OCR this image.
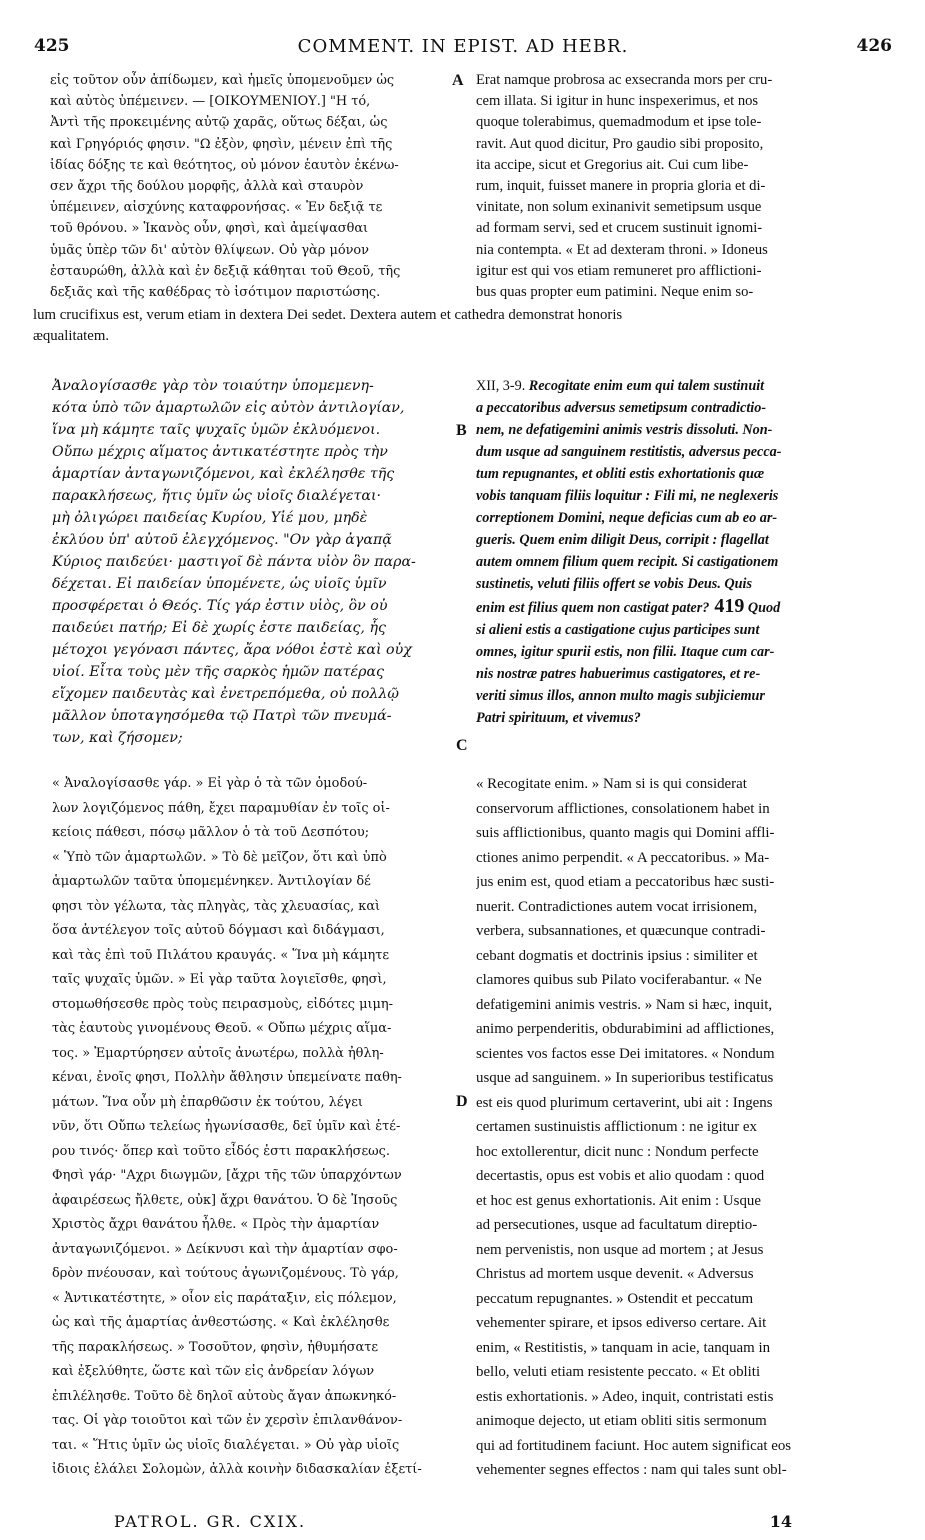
425	COMMENT. IN EPIST. AD HEBR.	426

εἰς τοῦτον οὖν ἀπίδωμεν, καὶ ἡμεῖς ὑπομενοῦμεν ὡς

καὶ αὐτὸς ὑπέμεινεν. — [ΟΙΚΟΥΜΕΝΙΟΥ.] "Η τό,

Ἀντὶ τῆς προκειμένης αὐτῷ χαρᾶς, οὕτως δέξαι, ὡς

καὶ Γρηγόριός φησιν. "Ω ἐξὸν, φησὶν, μένειν ἐπὶ τῆς

ἰδίας δόξης τε καὶ θεότητος, οὐ μόνον ἑαυτὸν ἐκένω-

σεν ἄχρι τῆς δούλου μορφῆς, ἀλλὰ καὶ σταυρὸν

ὑπέμεινεν, αἰσχύνης καταφρονήσας. « Ἐν δεξιᾷ τε

τοῦ θρόνου. » Ἱκανὸς οὖν, φησὶ, καὶ ἀμείψασθαι

ὑμᾶς ὑπὲρ τῶν δι' αὐτὸν θλίψεων. Οὐ γὰρ μόνον

ἐσταυρώθη, ἀλλὰ καὶ ἐν δεξιᾷ κάθηται τοῦ Θεοῦ, τῆς

δεξιᾶς καὶ τῆς καθέδρας τὸ ἰσότιμον παριστώσης.

Erat namque probrosa ac exsecranda mors per cru-

cem illata. Si igitur in hunc inspexerimus, et nos

quoque tolerabimus, quemadmodum et ipse tole-

ravit. Aut quod dicitur, Pro gaudio sibi proposito,

ita accipe, sicut et Gregorius ait. Cui cum libe-

rum, inquit, fuisset manere in propria gloria et di-

vinitate, non solum exinanivit semetipsum usque

ad formam servi, sed et crucem sustinuit ignomi-

nia contempta. « Et ad dexteram throni. » Idoneus

igitur est qui vos etiam remuneret pro afflictioni-

bus quas propter eum patimini. Neque enim so-

lum crucifixus est, verum etiam in dextera Dei sedet. Dextera autem et cathedra demonstrat honoris

æqualitatem.

A
B
C
D

Ἀναλογίσασθε γὰρ τὸν τοιαύτην ὑπομεμενη-

κότα ὑπὸ τῶν ἁμαρτωλῶν εἰς αὐτὸν ἀντιλογίαν,

ἵνα μὴ κάμητε ταῖς ψυχαῖς ὑμῶν ἐκλυόμενοι.

Οὔπω μέχρις αἵματος ἀντικατέστητε πρὸς τὴν

ἁμαρτίαν ἀνταγωνιζόμενοι, καὶ ἐκλέλησθε τῆς

παρακλήσεως, ἥτις ὑμῖν ὡς υἱοῖς διαλέγεται·

μὴ ὀλιγώρει παιδείας Κυρίου, Υἱέ μου, μηδὲ

ἐκλύου ὑπ' αὐτοῦ ἐλεγχόμενος. "Ον γὰρ ἀγαπᾷ

Κύριος παιδεύει· μαστιγοῖ δὲ πάντα υἱὸν ὃν παρα-

δέχεται. Εἰ παιδείαν ὑπομένετε, ὡς υἱοῖς ὑμῖν

προσφέρεται ὁ Θεός. Τίς γάρ ἐστιν υἱὸς, ὃν οὐ

παιδεύει πατήρ; Εἰ δὲ χωρίς ἐστε παιδείας, ἧς

μέτοχοι γεγόνασι πάντες, ἄρα νόθοι ἐστὲ καὶ οὐχ

υἱοί. Εἶτα τοὺς μὲν τῆς σαρκὸς ἡμῶν πατέρας

εἴχομεν παιδευτὰς καὶ ἐνετρεπόμεθα, οὐ πολλῷ

μᾶλλον ὑποταγησόμεθα τῷ Πατρὶ τῶν πνευμά-

των, καὶ ζήσομεν;

XII, 3-9. Recogitate enim eum qui talem sustinuit

a peccatoribus adversus semetipsum contradictio-

nem, ne defatigemini animis vestris dissoluti. Non-

dum usque ad sanguinem restitistis, adversus pecca-

tum repugnantes, et obliti estis exhortationis quæ

vobis tanquam filiis loquitur : Fili mi, ne neglexeris

correptionem Domini, neque deficias cum ab eo ar-

gueris. Quem enim diligit Deus, corripit : flagellat

autem omnem filium quem recipit. Si castigationem

sustinetis, veluti filiis offert se vobis Deus. Quis

enim est filius quem non castigat pater? 419 Quod

si alieni estis a castigatione cujus participes sunt

omnes, igitur spurii estis, non filii. Itaque cum car-

nis nostræ patres habuerimus castigatores, et re-

veriti simus illos, annon multo magis subjiciemur

Patri spirituum, et vivemus?

« Ἀναλογίσασθε γάρ. » Εἰ γὰρ ὁ τὰ τῶν ὁμοδού-

λων λογιζόμενος πάθη, ἔχει παραμυθίαν ἐν τοῖς οἰ-

κείοις πάθεσι, πόσῳ μᾶλλον ὁ τὰ τοῦ Δεσπότου;

« Ὑπὸ τῶν ἁμαρτωλῶν. » Τὸ δὲ μεῖζον, ὅτι καὶ ὑπὸ

ἁμαρτωλῶν ταῦτα ὑπομεμένηκεν. Ἀντιλογίαν δέ

φησι τὸν γέλωτα, τὰς πληγὰς, τὰς χλευασίας, καὶ

ὅσα ἀντέλεγον τοῖς αὐτοῦ δόγμασι καὶ διδάγμασι,

καὶ τὰς ἐπὶ τοῦ Πιλάτου κραυγάς. « Ἵνα μὴ κάμητε

ταῖς ψυχαῖς ὑμῶν. » Εἰ γὰρ ταῦτα λογιεῖσθε, φησὶ,

στομωθήσεσθε πρὸς τοὺς πειρασμοὺς, εἰδότες μιμη-

τὰς ἑαυτοὺς γινομένους Θεοῦ. « Οὔπω μέχρις αἵμα-

τος. » Ἐμαρτύρησεν αὐτοῖς ἀνωτέρω, πολλὰ ἠθλη-

κέναι, ἐνοῖς φησι, Πολλὴν ἄθλησιν ὑπεμείνατε παθη-

μάτων. Ἵνα οὖν μὴ ἐπαρθῶσιν ἐκ τούτου, λέγει

νῦν, ὅτι Οὔπω τελείως ἠγωνίσασθε, δεῖ ὑμῖν καὶ ἑτέ-

ρου τινός· ὅπερ καὶ τοῦτο εἶδός ἐστι παρακλήσεως.

Φησὶ γάρ· "Αχρι διωγμῶν, [ἄχρι τῆς τῶν ὑπαρχόντων

ἀφαιρέσεως ἤλθετε, οὐκ] ἄχρι θανάτου. Ὁ δὲ Ἰησοῦς

Χριστὸς ἄχρι θανάτου ἦλθε. « Πρὸς τὴν ἁμαρτίαν

ἀνταγωνιζόμενοι. » Δείκνυσι καὶ τὴν ἁμαρτίαν σφο-

δρὸν πνέουσαν, καὶ τούτους ἀγωνιζομένους. Τὸ γάρ,

« Ἀντικατέστητε, » οἷον εἰς παράταξιν, εἰς πόλεμον,

ὡς καὶ τῆς ἁμαρτίας ἀνθεστώσης. « Καὶ ἐκλέλησθε

τῆς παρακλήσεως. » Τοσοῦτον, φησὶν, ἠθυμήσατε

καὶ ἐξελύθητε, ὥστε καὶ τῶν εἰς ἀνδρείαν λόγων

ἐπιλέλησθε. Τοῦτο δὲ δηλοῖ αὐτοὺς ἄγαν ἀπωκνηκό-

τας. Οἱ γὰρ τοιοῦτοι καὶ τῶν ἐν χερσὶν ἐπιλανθάνον-

ται. « Ἥτις ὑμῖν ὡς υἱοῖς διαλέγεται. » Οὐ γὰρ υἱοῖς

ἰδιοις ἐλάλει Σολομὼν, ἀλλὰ κοινὴν διδασκαλίαν ἐξετί-

« Recogitate enim. » Nam si is qui considerat

conservorum afflictiones, consolationem habet in

suis afflictionibus, quanto magis qui Domini affli-

ctiones animo perpendit. « A peccatoribus. » Ma-

jus enim est, quod etiam a peccatoribus hæc susti-

nuerit. Contradictiones autem vocat irrisionem,

verbera, subsannationes, et quæcunque contradi-

cebant dogmatis et doctrinis ipsius : similiter et

clamores quibus sub Pilato vociferabantur. « Ne

defatigemini animis vestris. » Nam si hæc, inquit,

animo perpenderitis, obdurabimini ad afflictiones,

scientes vos factos esse Dei imitatores. « Nondum

usque ad sanguinem. » In superioribus testificatus

est eis quod plurimum certaverint, ubi ait : Ingens

certamen sustinuistis afflictionum : ne igitur ex

hoc extollerentur, dicit nunc : Nondum perfecte

decertastis, opus est vobis et alio quodam : quod

et hoc est genus exhortationis. Ait enim : Usque

ad persecutiones, usque ad facultatum direptio-

nem pervenistis, non usque ad mortem ; at Jesus

Christus ad mortem usque devenit. « Adversus

peccatum repugnantes. » Ostendit et peccatum

vehementer spirare, et ipsos ediverso certare. Ait

enim, « Restitistis, » tanquam in acie, tanquam in

bello, veluti etiam resistente peccato. « Et obliti

estis exhortationis. » Adeo, inquit, contristati estis

animoque dejecto, ut etiam obliti sitis sermonum

qui ad fortitudinem faciunt. Hoc autem significat eos

vehementer segnes effectos : nam qui tales sunt obl-

PATROL. GR. CXIX.	14
